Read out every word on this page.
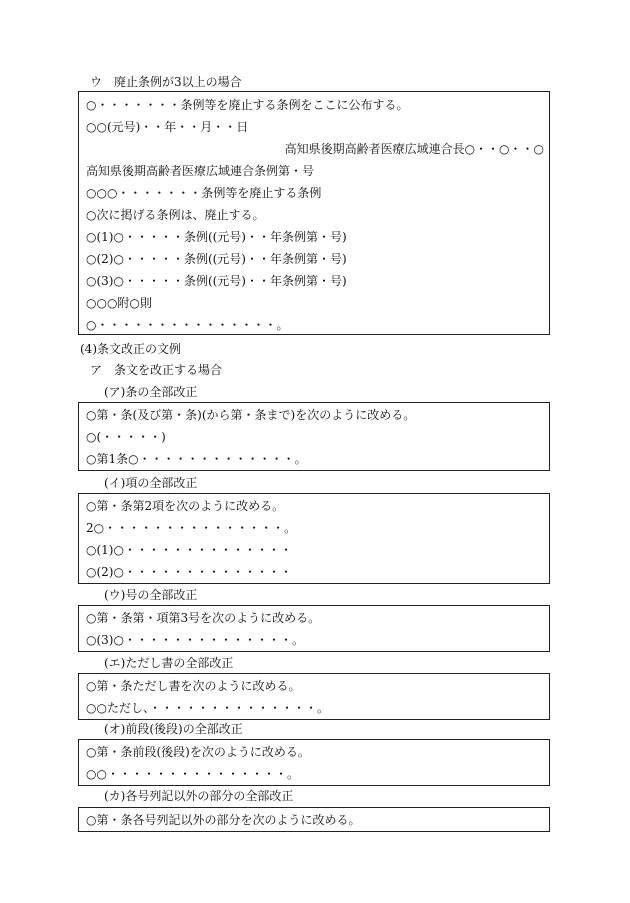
ウ　廃止条例が3以上の場合
○・・・・・・・条例等を廃止する条例をここに公布する。
○○(元号)・・年・・月・・日
高知県後期高齢者医療広域連合長○・・○・・○
高知県後期高齢者医療広域連合条例第・号
○○○・・・・・・・条例等を廃止する条例
○次に掲げる条例は、廃止する。
○(1)○・・・・・条例((元号)・・年条例第・号)
○(2)○・・・・・条例((元号)・・年条例第・号)
○(3)○・・・・・条例((元号)・・年条例第・号)
○○○附○則
○・・・・・・・・・・・・・・・。
(4)条文改正の文例
ア　条文を改正する場合
(ア)条の全部改正
○第・条(及び第・条)(から第・条まで)を次のように改める。
○(・・・・・)
○第1条○・・・・・・・・・・・・・。
(イ)項の全部改正
○第・条第2項を次のように改める。
2○・・・・・・・・・・・・・・・。
○(1)○・・・・・・・・・・・・・・
○(2)○・・・・・・・・・・・・・・
(ウ)号の全部改正
○第・条第・項第3号を次のように改める。
○(3)○・・・・・・・・・・・・・・。
(エ)ただし書の全部改正
○第・条ただし書を次のように改める。
○○ただし、・・・・・・・・・・・・・・。
(オ)前段(後段)の全部改正
○第・条前段(後段)を次のように改める。
○○・・・・・・・・・・・・・・・。
(カ)各号列記以外の部分の全部改正
○第・条各号列記以外の部分を次のように改める。
